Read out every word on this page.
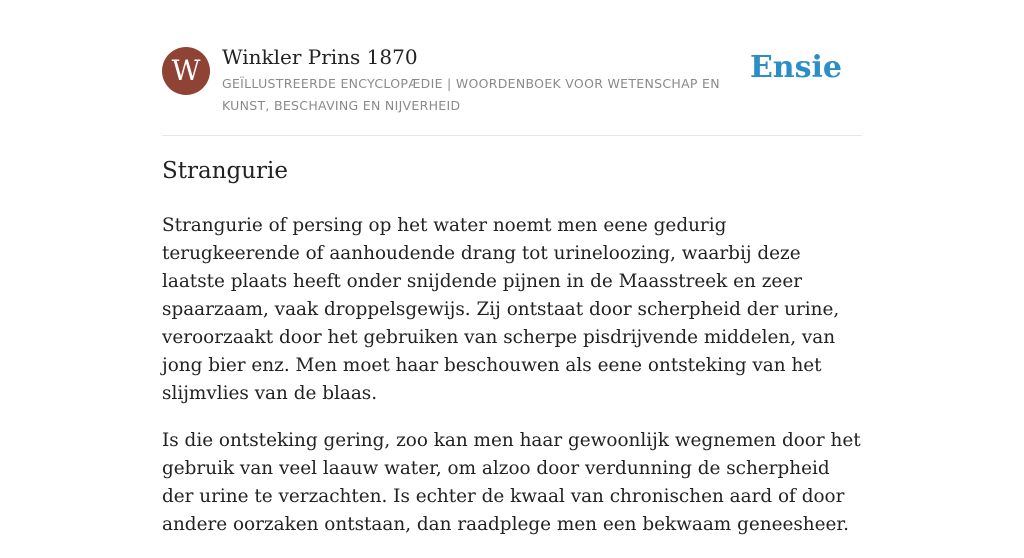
W	Winkler Prins 1870
GEÏLLUSTREERDE ENCYCLOPÆDIE | WOORDENBOEK VOOR WETENSCHAP EN KUNST, BESCHAVING EN NIJVERHEID
Ensie
Strangurie

Strangurie of persing op het water noemt men eene gedurig terugkeerende of aanhoudende drang tot urineloozing, waarbij deze laatste plaats heeft onder snijdende pijnen in de Maasstreek en zeer spaarzaam, vaak droppelsgewijs. Zij ontstaat door scherpheid der urine, veroorzaakt door het gebruiken van scherpe pisdrijvende middelen, van jong bier enz. Men moet haar beschouwen als eene ontsteking van het slijmvlies van de blaas.

Is die ontsteking gering, zoo kan men haar gewoonlijk wegnemen door het gebruik van veel laauw water, om alzoo door verdunning de scherpheid der urine te verzachten. Is echter de kwaal van chronischen aard of door andere oorzaken ontstaan, dan raadplege men een bekwaam geneesheer.
